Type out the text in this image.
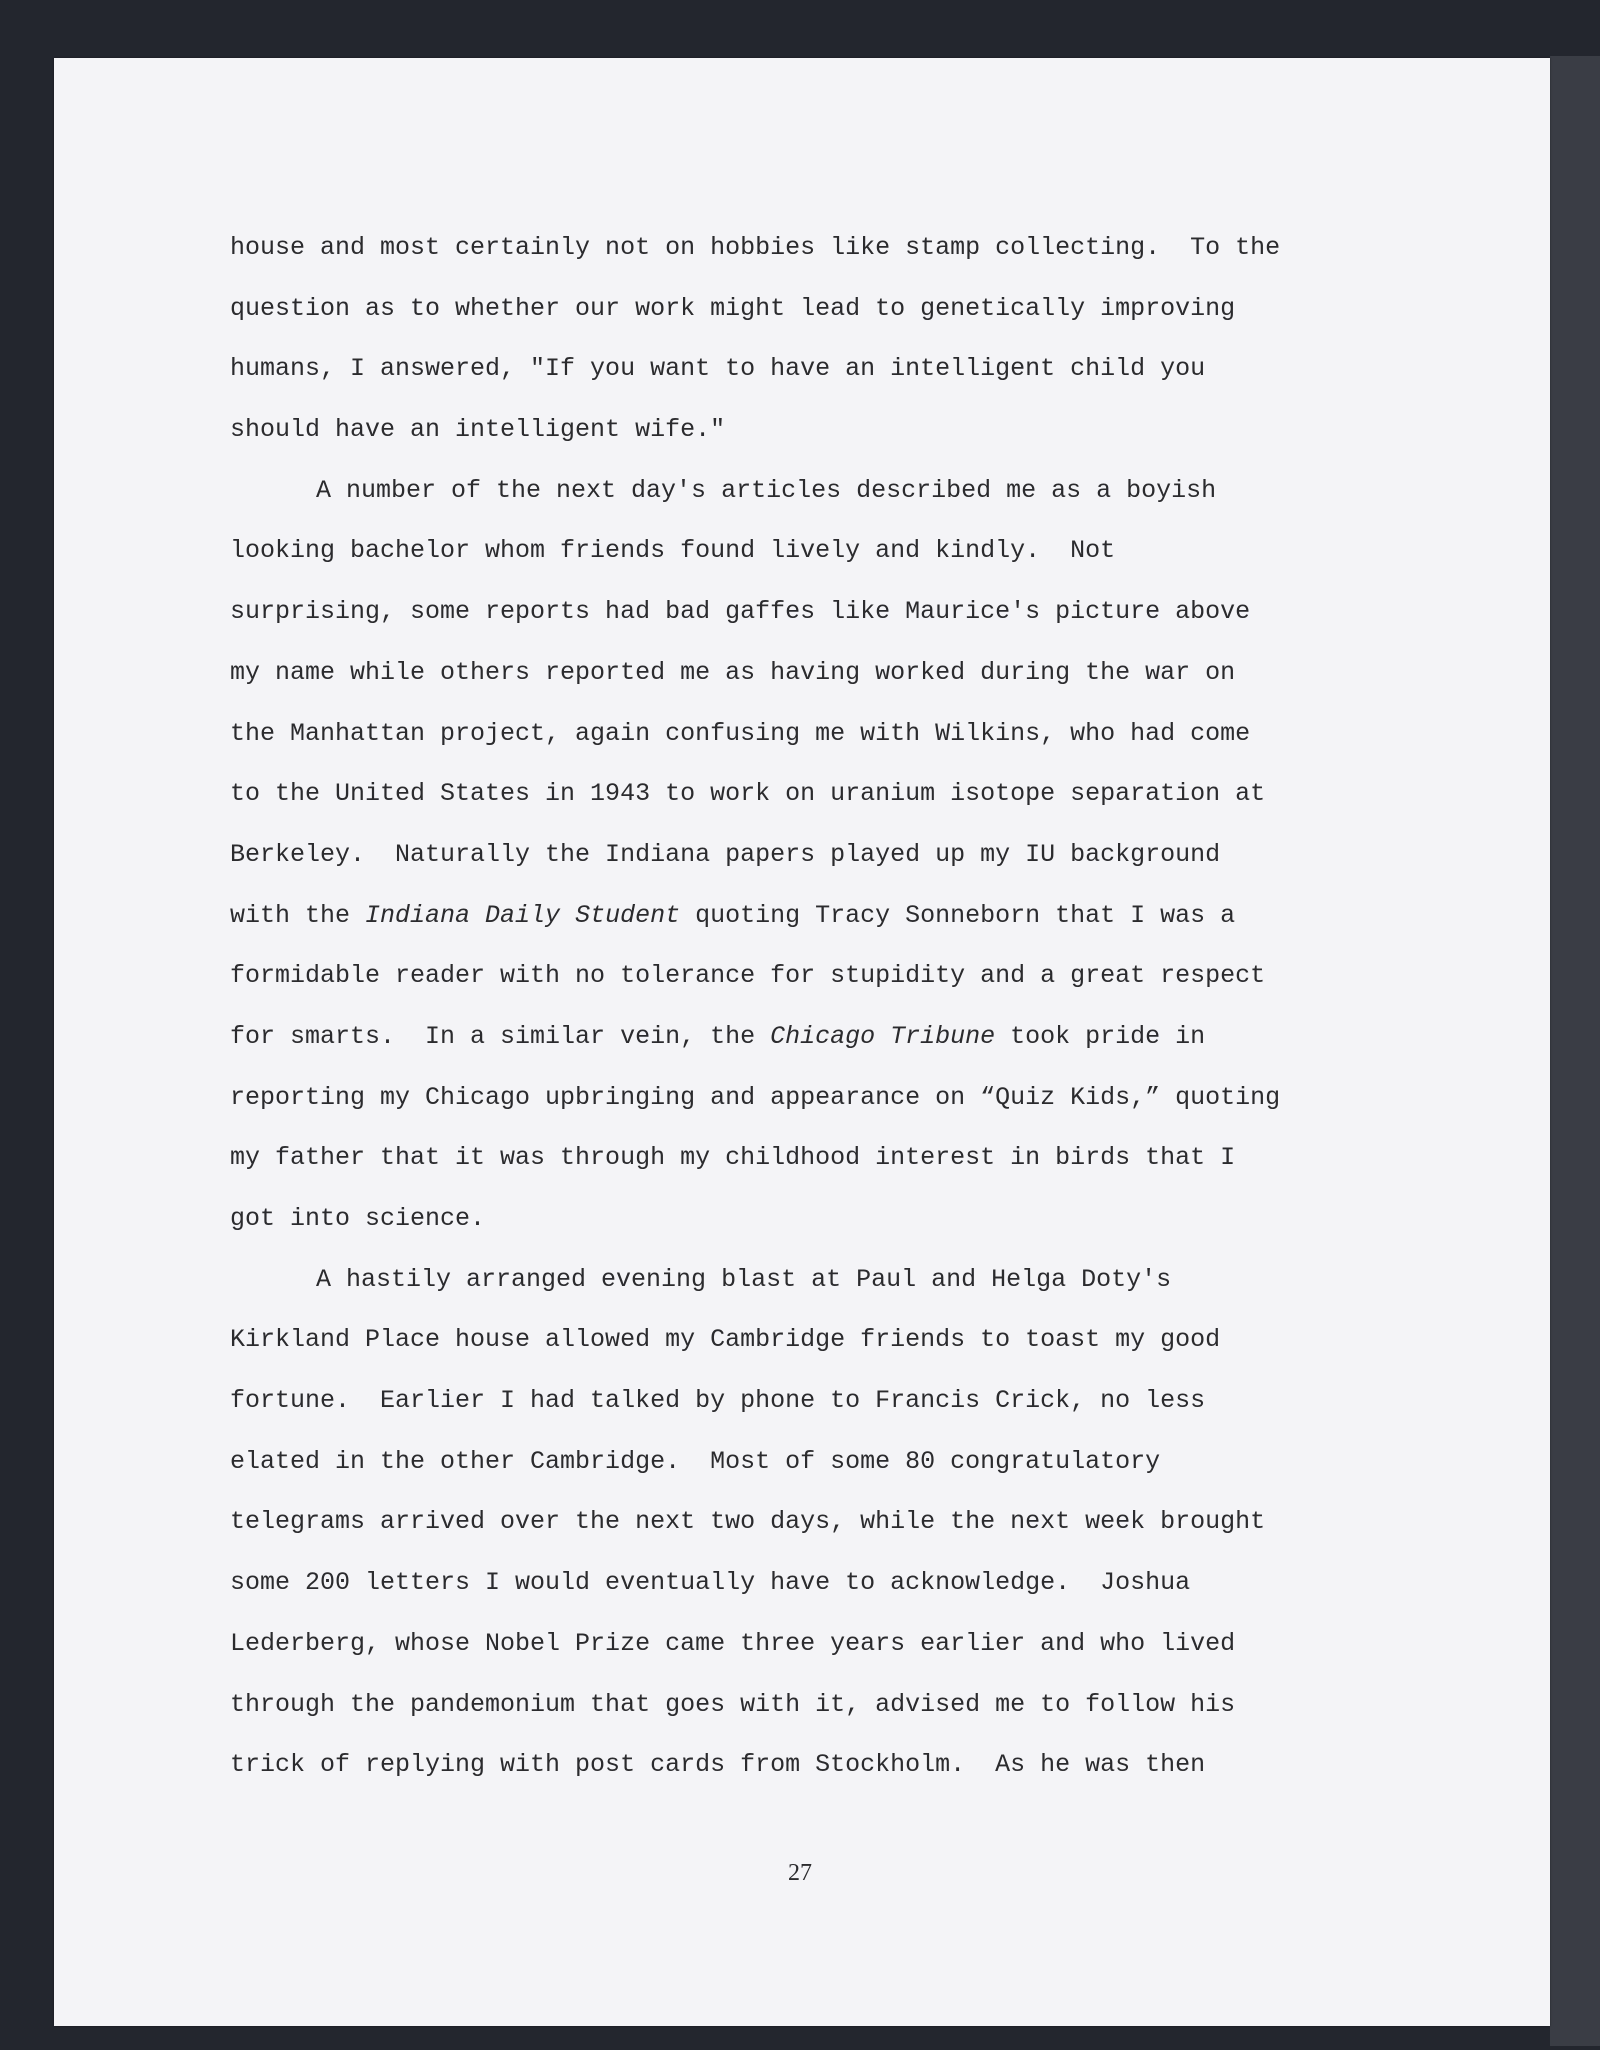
house and most certainly not on hobbies like stamp collecting.  To the
question as to whether our work might lead to genetically improving
humans, I answered, "If you want to have an intelligent child you
should have an intelligent wife."
A number of the next day's articles described me as a boyish
looking bachelor whom friends found lively and kindly.  Not
surprising, some reports had bad gaffes like Maurice's picture above
my name while others reported me as having worked during the war on
the Manhattan project, again confusing me with Wilkins, who had come
to the United States in 1943 to work on uranium isotope separation at
Berkeley.  Naturally the Indiana papers played up my IU background
with the Indiana Daily Student quoting Tracy Sonneborn that I was a
formidable reader with no tolerance for stupidity and a great respect
for smarts.  In a similar vein, the Chicago Tribune took pride in
reporting my Chicago upbringing and appearance on “Quiz Kids,” quoting
my father that it was through my childhood interest in birds that I
got into science.
A hastily arranged evening blast at Paul and Helga Doty's
Kirkland Place house allowed my Cambridge friends to toast my good
fortune.  Earlier I had talked by phone to Francis Crick, no less
elated in the other Cambridge.  Most of some 80 congratulatory
telegrams arrived over the next two days, while the next week brought
some 200 letters I would eventually have to acknowledge.  Joshua
Lederberg, whose Nobel Prize came three years earlier and who lived
through the pandemonium that goes with it, advised me to follow his
trick of replying with post cards from Stockholm.  As he was then
27
